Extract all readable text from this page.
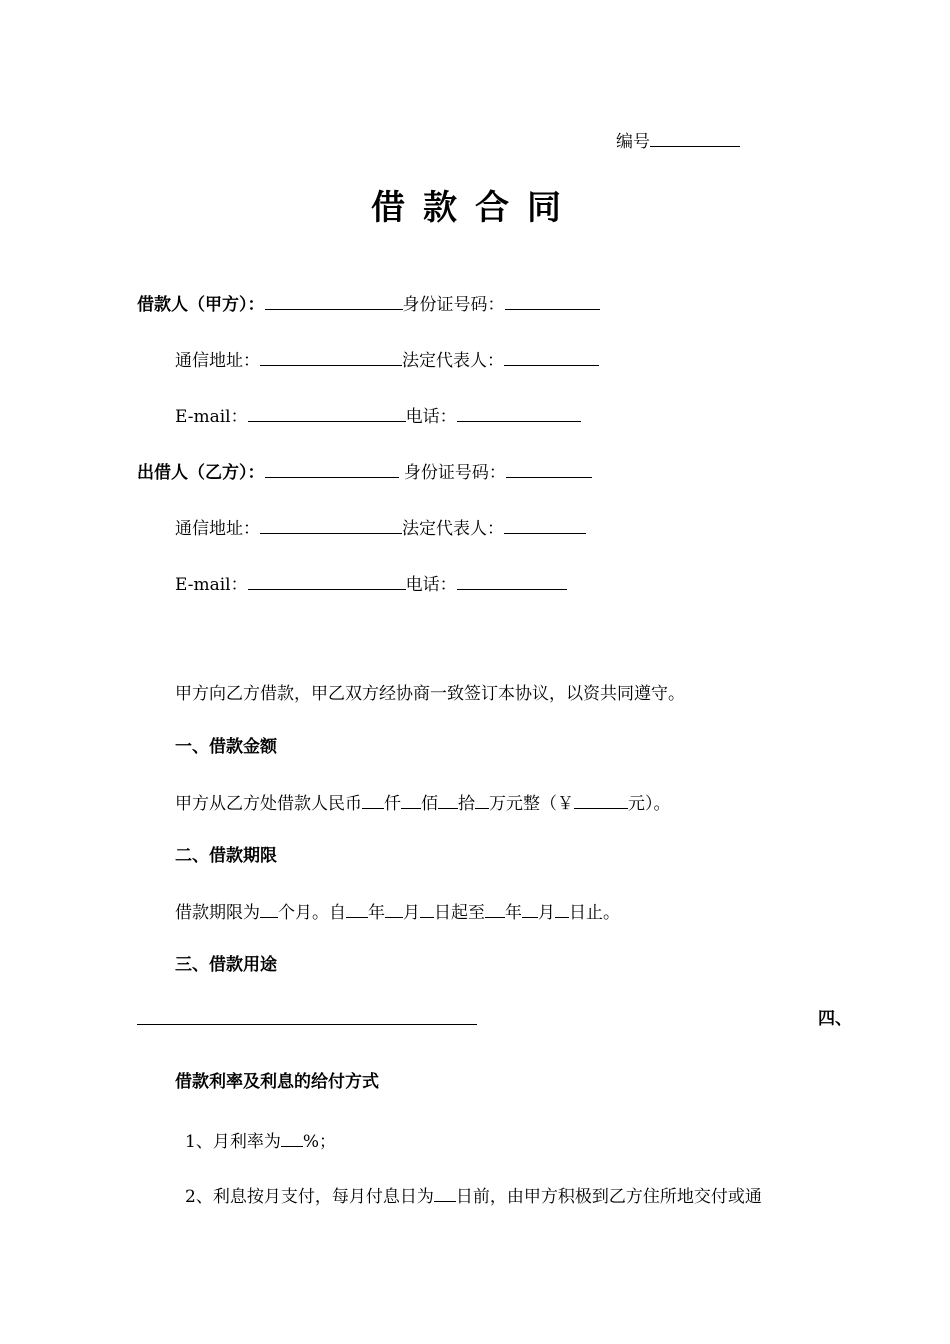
编号
借款合同
借款人（甲方）：	身份证号码：
通信地址：	法定代表人：
E-mail：	电话：
出借人（乙方）：	身份证号码：
通信地址：	法定代表人：
E-mail：	电话：
甲方向乙方借款，甲乙双方经协商一致签订本协议，以资共同遵守。
一、借款金额
甲方从乙方处借款人民币 仟 佰 拾 万元整（￥	元）。
二、借款期限
借款期限为 个月。自 年 月 日起至 年 月 日止。
三、借款用途
四、
借款利率及利息的给付方式
1、月利率为 %；
2、利息按月支付，每月付息日为 日前，由甲方积极到乙方住所地交付或通
